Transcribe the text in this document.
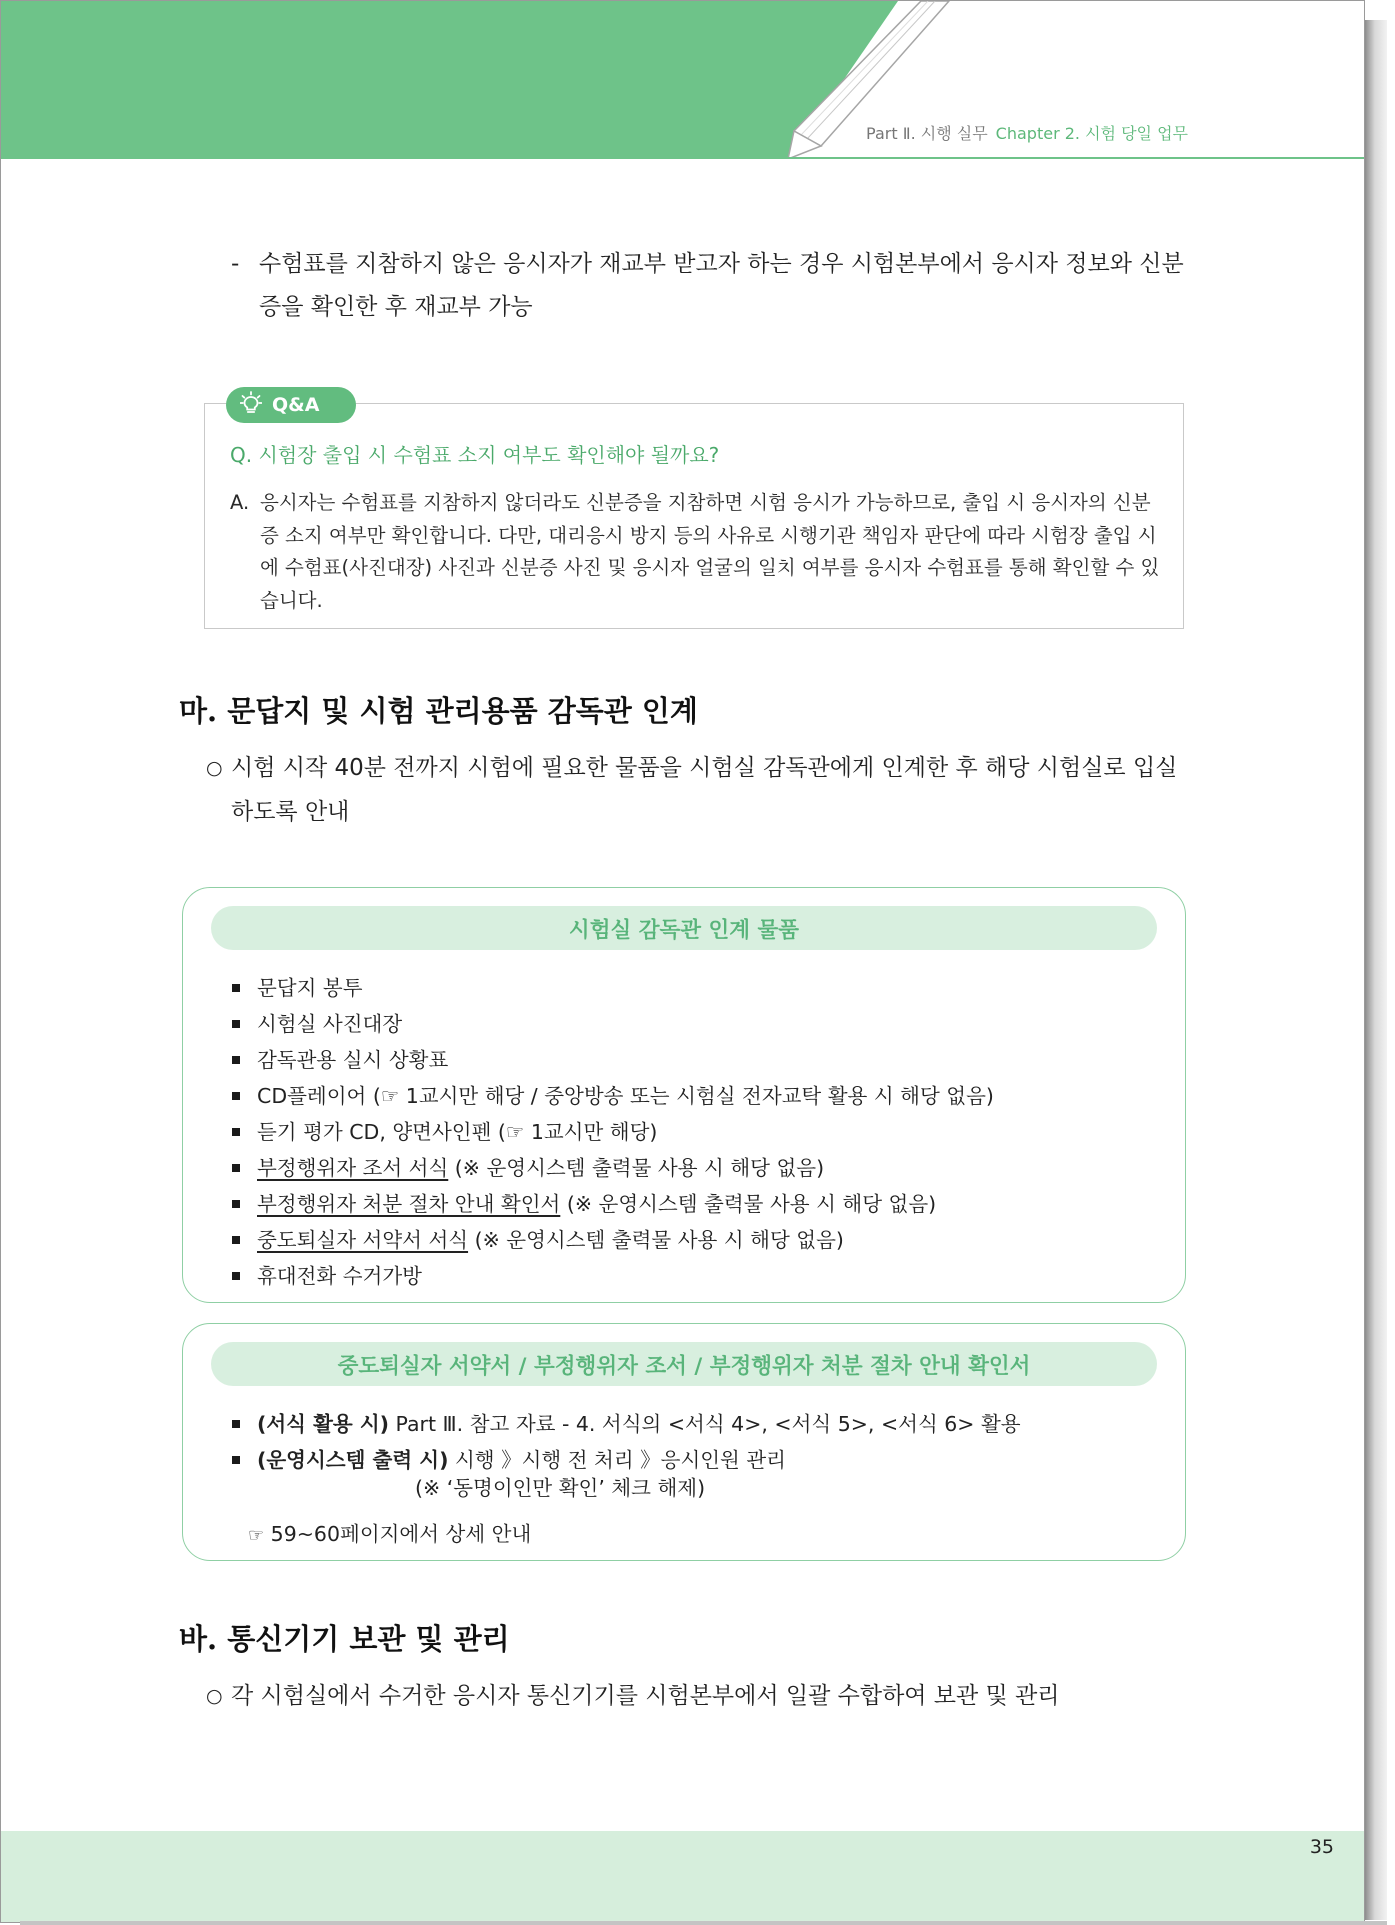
Part Ⅱ. 시행 실무 Chapter 2. 시험 당일 업무
- 수험표를 지참하지 않은 응시자가 재교부 받고자 하는 경우 시험본부에서 응시자 정보와 신분증을 확인한 후 재교부 가능
Q&A
Q. 시험장 출입 시 수험표 소지 여부도 확인해야 될까요?
A. 응시자는 수험표를 지참하지 않더라도 신분증을 지참하면 시험 응시가 가능하므로, 출입 시 응시자의 신분증 소지 여부만 확인합니다. 다만, 대리응시 방지 등의 사유로 시행기관 책임자 판단에 따라 시험장 출입 시에 수험표(사진대장) 사진과 신분증 사진 및 응시자 얼굴의 일치 여부를 응시자 수험표를 통해 확인할 수 있습니다.
마. 문답지 및 시험 관리용품 감독관 인계
○ 시험 시작 40분 전까지 시험에 필요한 물품을 시험실 감독관에게 인계한 후 해당 시험실로 입실하도록 안내
시험실 감독관 인계 물품
문답지 봉투
시험실 사진대장
감독관용 실시 상황표
CD플레이어 (☞ 1교시만 해당 / 중앙방송 또는 시험실 전자교탁 활용 시 해당 없음)
듣기 평가 CD, 양면사인펜 (☞ 1교시만 해당)
부정행위자 조서 서식 (※ 운영시스템 출력물 사용 시 해당 없음)
부정행위자 처분 절차 안내 확인서 (※ 운영시스템 출력물 사용 시 해당 없음)
중도퇴실자 서약서 서식 (※ 운영시스템 출력물 사용 시 해당 없음)
휴대전화 수거가방
중도퇴실자 서약서 / 부정행위자 조서 / 부정행위자 처분 절차 안내 확인서
(서식 활용 시) Part Ⅲ. 참고 자료 - 4. 서식의 <서식 4>, <서식 5>, <서식 6> 활용
(운영시스템 출력 시) 시행 》시행 전 처리 》응시인원 관리
(※ ‘동명이인만 확인’ 체크 해제)
☞ 59~60페이지에서 상세 안내
바. 통신기기 보관 및 관리
○ 각 시험실에서 수거한 응시자 통신기기를 시험본부에서 일괄 수합하여 보관 및 관리
35
